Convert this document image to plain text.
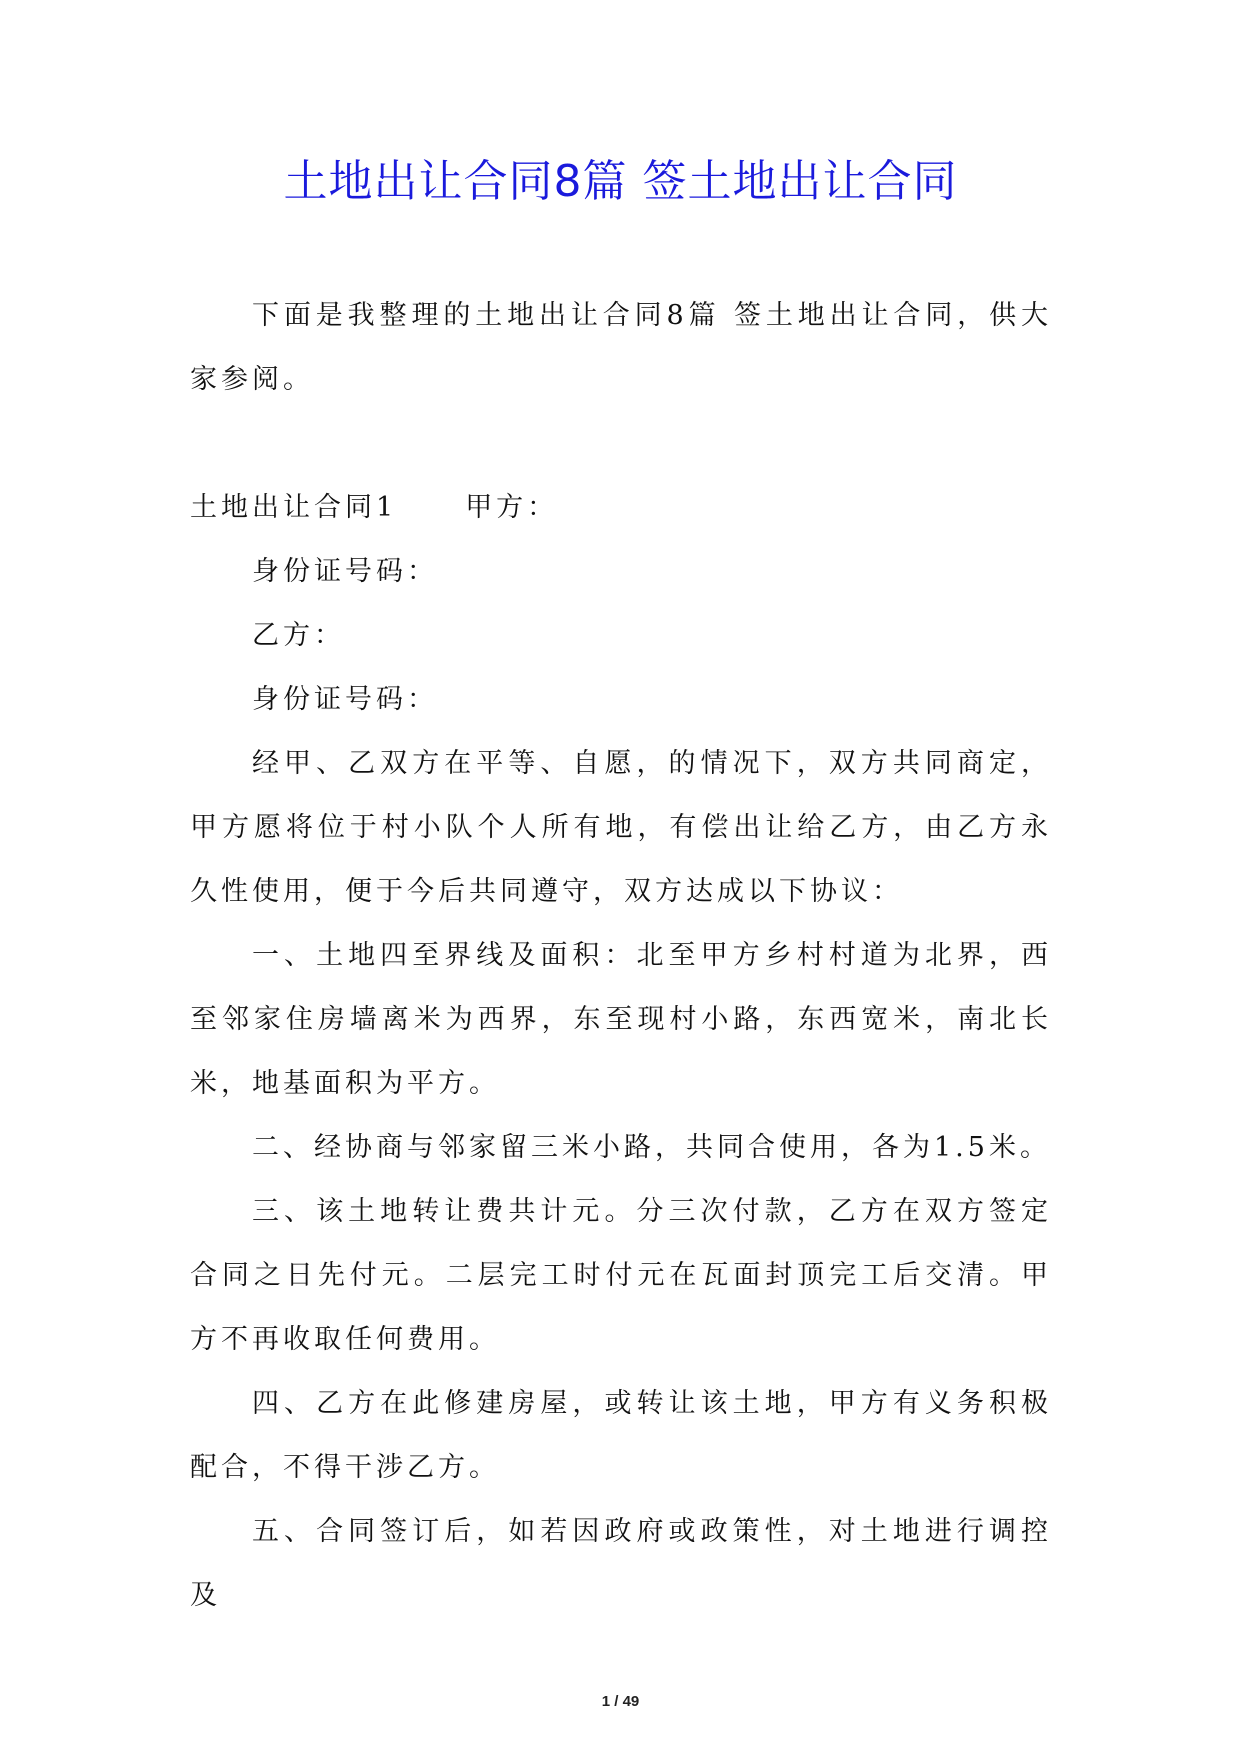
土地出让合同8篇 签土地出让合同

下面是我整理的土地出让合同8篇 签土地出让合同，供大家参阅。

土地出让合同1	甲方：

身份证号码：

乙方：

身份证号码：

经甲、乙双方在平等、自愿，的情况下，双方共同商定，甲方愿将位于村小队个人所有地，有偿出让给乙方，由乙方永久性使用，便于今后共同遵守，双方达成以下协议：

一、土地四至界线及面积：北至甲方乡村村道为北界，西至邻家住房墙离米为西界，东至现村小路，东西宽米，南北长米，地基面积为平方。

二、经协商与邻家留三米小路，共同合使用，各为1.5米。

三、该土地转让费共计元。分三次付款，乙方在双方签定合同之日先付元。二层完工时付元在瓦面封顶完工后交清。甲方不再收取任何费用。

四、乙方在此修建房屋，或转让该土地，甲方有义务积极配合，不得干涉乙方。

五、合同签订后，如若因政府或政策性，对土地进行调控及

1 / 49
